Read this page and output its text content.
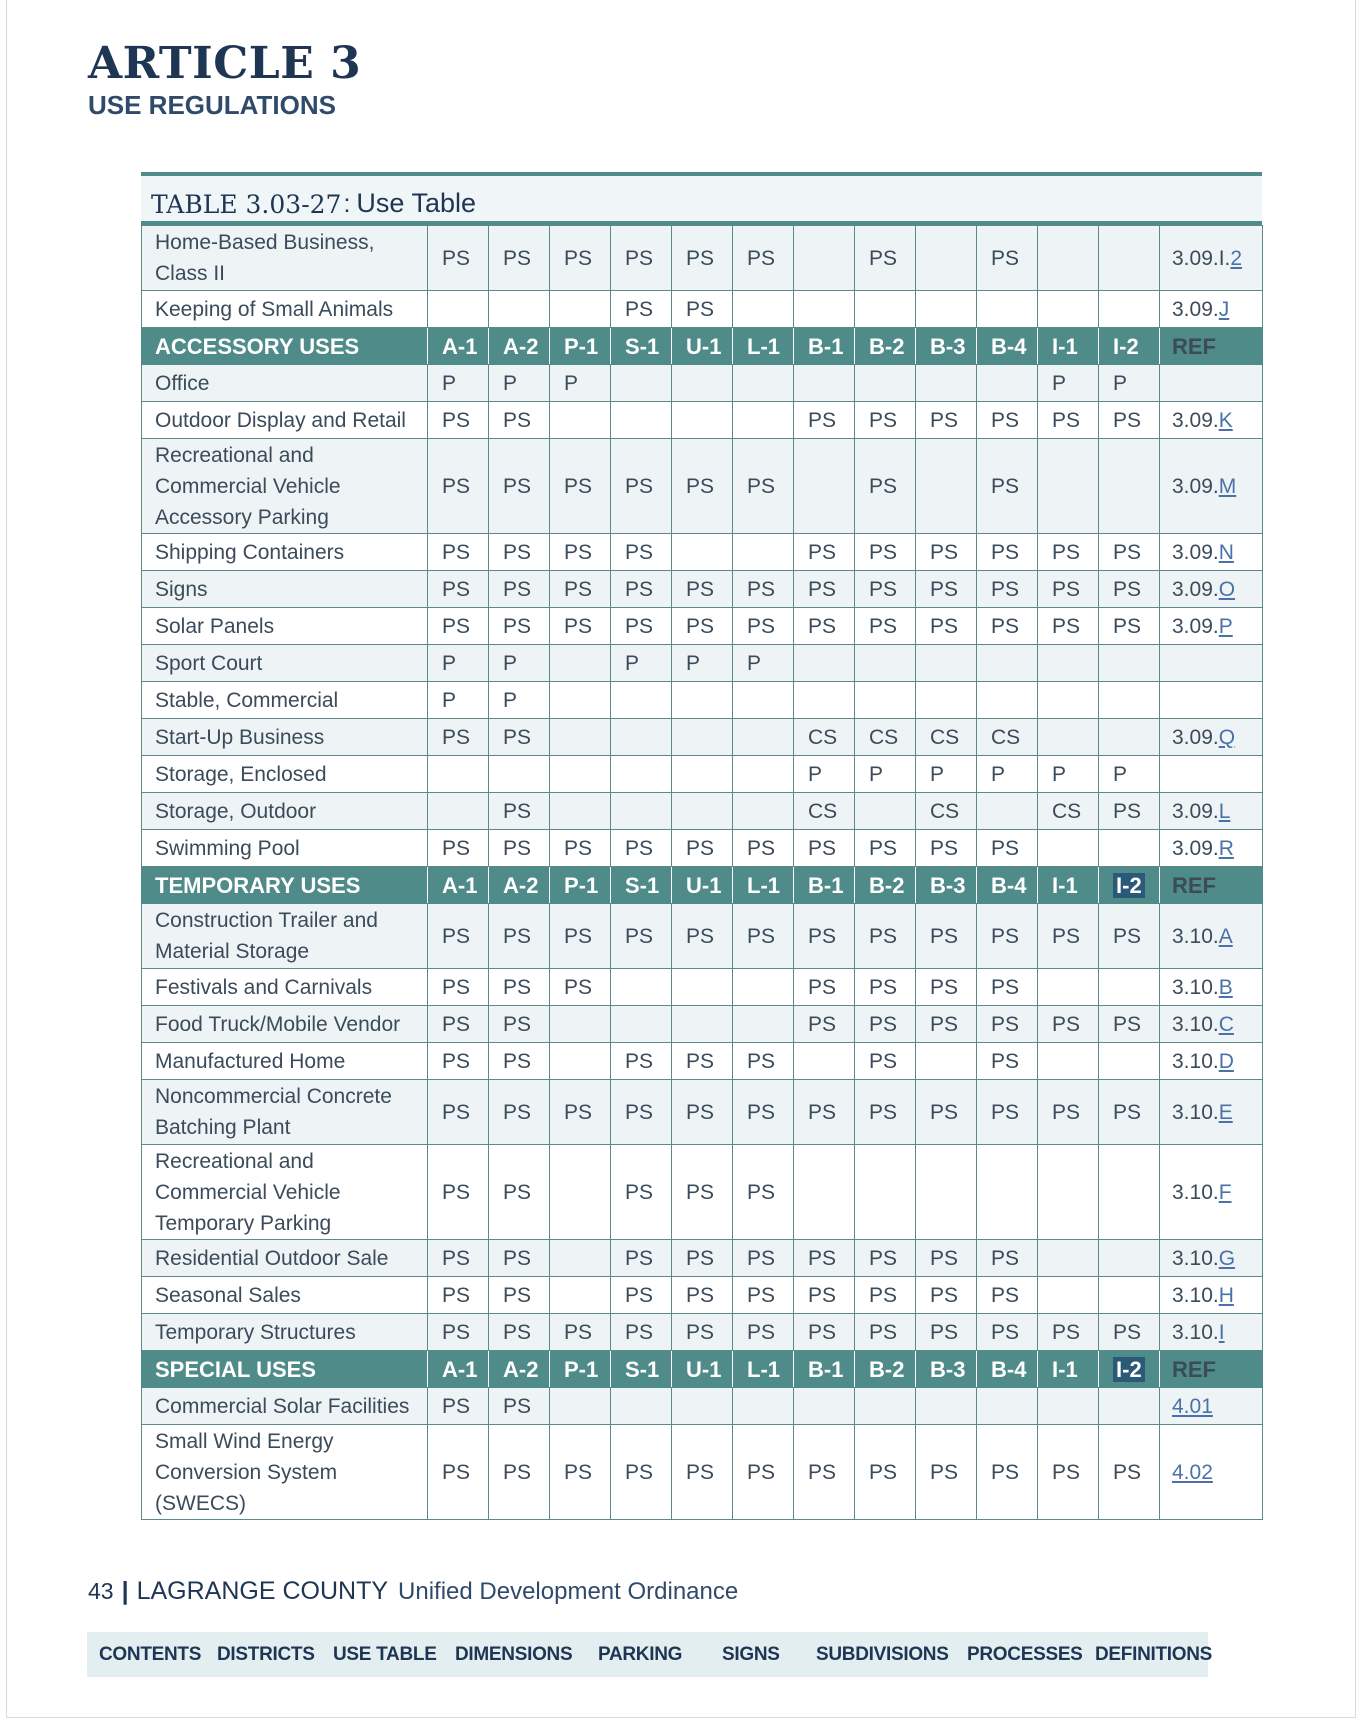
ARTICLE 3
USE REGULATIONS
TABLE 3.03-27 : Use Table
Home-Based Business,
Class II	PS	PS	PS	PS	PS	PS		PS		PS			3.09.I.2
Keeping of Small Animals				PS	PS								3.09.J
ACCESSORY USES	A-1	A-2	P-1	S-1	U-1	L-1	B-1	B-2	B-3	B-4	I-1	I-2	REF
Office	P	P	P								P	P	
Outdoor Display and Retail	PS	PS					PS	PS	PS	PS	PS	PS	3.09.K
Recreational and
Commercial Vehicle
Accessory Parking	PS	PS	PS	PS	PS	PS		PS		PS			3.09.M
Shipping Containers	PS	PS	PS	PS			PS	PS	PS	PS	PS	PS	3.09.N
Signs	PS	PS	PS	PS	PS	PS	PS	PS	PS	PS	PS	PS	3.09.O
Solar Panels	PS	PS	PS	PS	PS	PS	PS	PS	PS	PS	PS	PS	3.09.P
Sport Court	P	P		P	P	P							
Stable, Commercial	P	P											
Start-Up Business	PS	PS					CS	CS	CS	CS			3.09.Q
Storage, Enclosed							P	P	P	P	P	P	
Storage, Outdoor		PS					CS		CS		CS	PS	3.09.L
Swimming Pool	PS	PS	PS	PS	PS	PS	PS	PS	PS	PS			3.09.R
TEMPORARY USES	A-1	A-2	P-1	S-1	U-1	L-1	B-1	B-2	B-3	B-4	I-1	I-2	REF
Construction Trailer and
Material Storage	PS	PS	PS	PS	PS	PS	PS	PS	PS	PS	PS	PS	3.10.A
Festivals and Carnivals	PS	PS	PS				PS	PS	PS	PS			3.10.B
Food Truck/Mobile Vendor	PS	PS					PS	PS	PS	PS	PS	PS	3.10.C
Manufactured Home	PS	PS		PS	PS	PS		PS		PS			3.10.D
Noncommercial Concrete
Batching Plant	PS	PS	PS	PS	PS	PS	PS	PS	PS	PS	PS	PS	3.10.E
Recreational and
Commercial Vehicle
Temporary Parking	PS	PS		PS	PS	PS							3.10.F
Residential Outdoor Sale	PS	PS		PS	PS	PS	PS	PS	PS	PS			3.10.G
Seasonal Sales	PS	PS		PS	PS	PS	PS	PS	PS	PS			3.10.H
Temporary Structures	PS	PS	PS	PS	PS	PS	PS	PS	PS	PS	PS	PS	3.10.I
SPECIAL USES	A-1	A-2	P-1	S-1	U-1	L-1	B-1	B-2	B-3	B-4	I-1	I-2	REF
Commercial Solar Facilities	PS	PS											4.01
Small Wind Energy
Conversion System
(SWECS)	PS	PS	PS	PS	PS	PS	PS	PS	PS	PS	PS	PS	4.02
43 | LAGRANGE COUNTY Unified Development Ordinance
CONTENTS DISTRICTS USE TABLE DIMENSIONS PARKING SIGNS SUBDIVISIONS PROCESSES DEFINITIONS
